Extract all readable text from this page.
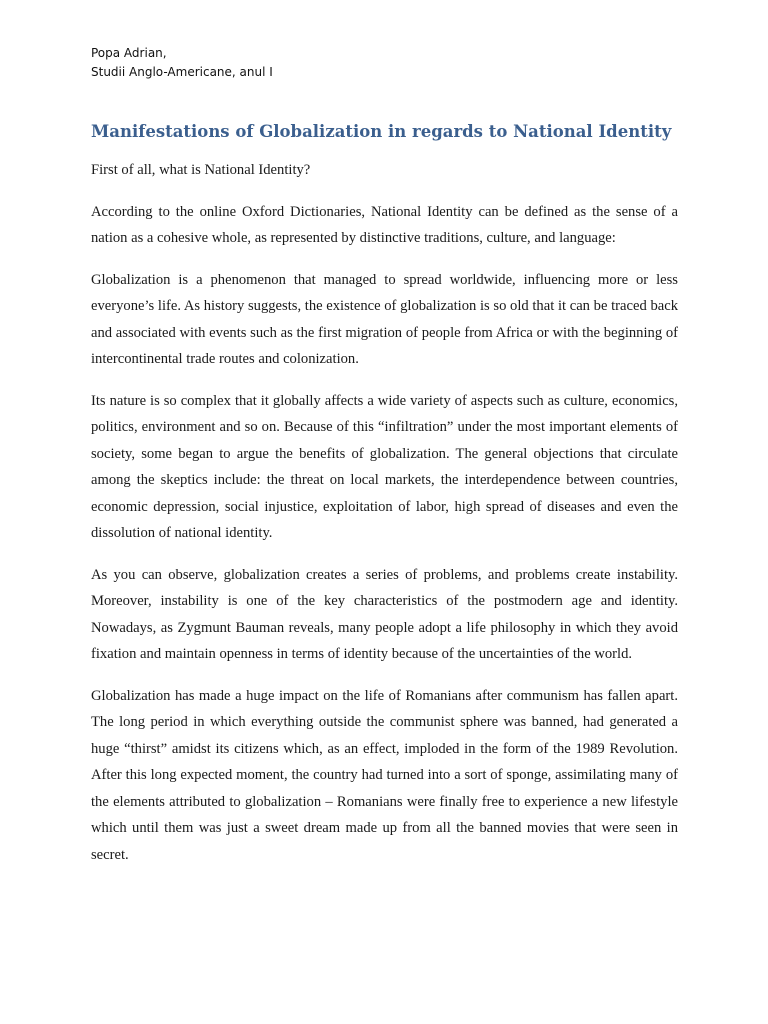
Popa Adrian,
Studii Anglo-Americane, anul I
Manifestations of Globalization in regards to National Identity

First of all, what is National Identity?

According to the online Oxford Dictionaries, National Identity can be defined as the sense of a nation as a cohesive whole, as represented by distinctive traditions, culture, and language:

Globalization is a phenomenon that managed to spread worldwide, influencing more or less everyone’s life. As history suggests, the existence of globalization is so old that it can be traced back and associated with events such as the first migration of people from Africa or with the beginning of intercontinental trade routes and colonization.

Its nature is so complex that it globally affects a wide variety of aspects such as culture, economics, politics, environment and so on. Because of this “infiltration” under the most important elements of society, some began to argue the benefits of globalization. The general objections that circulate among the skeptics include: the threat on local markets, the interdependence between countries, economic depression, social injustice, exploitation of labor, high spread of diseases and even the dissolution of national identity.

As you can observe, globalization creates a series of problems, and problems create instability. Moreover, instability is one of the key characteristics of the postmodern age and identity. Nowadays, as Zygmunt Bauman reveals, many people adopt a life philosophy in which they avoid fixation and maintain openness in terms of identity because of the uncertainties of the world.

Globalization has made a huge impact on the life of Romanians after communism has fallen apart. The long period in which everything outside the communist sphere was banned, had generated a huge “thirst” amidst its citizens which, as an effect, imploded in the form of the 1989 Revolution. After this long expected moment, the country had turned into a sort of sponge, assimilating many of the elements attributed to globalization – Romanians were finally free to experience a new lifestyle which until them was just a sweet dream made up from all the banned movies that were seen in secret.
